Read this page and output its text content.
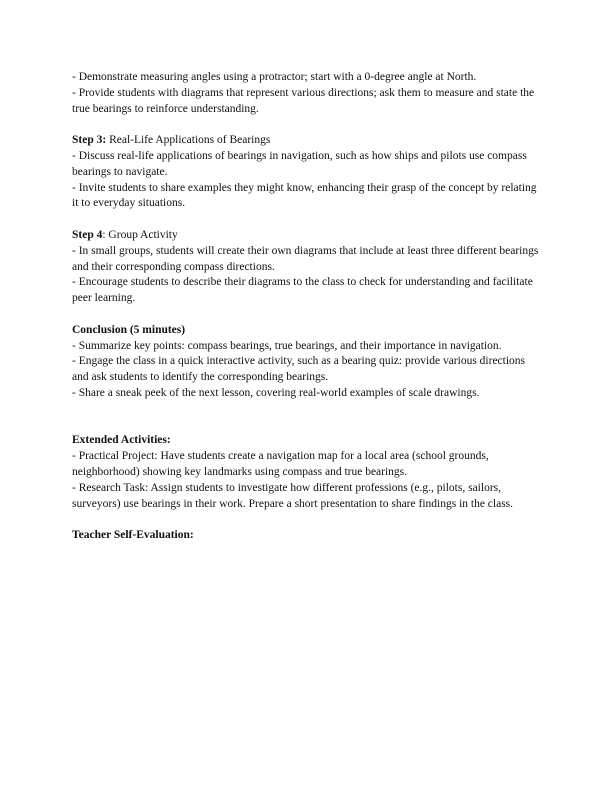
- Demonstrate measuring angles using a protractor; start with a 0-degree angle at North.

- Provide students with diagrams that represent various directions; ask them to measure and state the true bearings to reinforce understanding.

Step 3: Real-Life Applications of Bearings

- Discuss real-life applications of bearings in navigation, such as how ships and pilots use compass bearings to navigate.

- Invite students to share examples they might know, enhancing their grasp of the concept by relating it to everyday situations.

Step 4: Group Activity

- In small groups, students will create their own diagrams that include at least three different bearings and their corresponding compass directions.

- Encourage students to describe their diagrams to the class to check for understanding and facilitate peer learning.

Conclusion (5 minutes)

- Summarize key points: compass bearings, true bearings, and their importance in navigation.

- Engage the class in a quick interactive activity, such as a bearing quiz: provide various directions and ask students to identify the corresponding bearings.

- Share a sneak peek of the next lesson, covering real-world examples of scale drawings.

Extended Activities:

- Practical Project: Have students create a navigation map for a local area (school grounds, neighborhood) showing key landmarks using compass and true bearings.

- Research Task: Assign students to investigate how different professions (e.g., pilots, sailors, surveyors) use bearings in their work. Prepare a short presentation to share findings in the class.

Teacher Self-Evaluation:
